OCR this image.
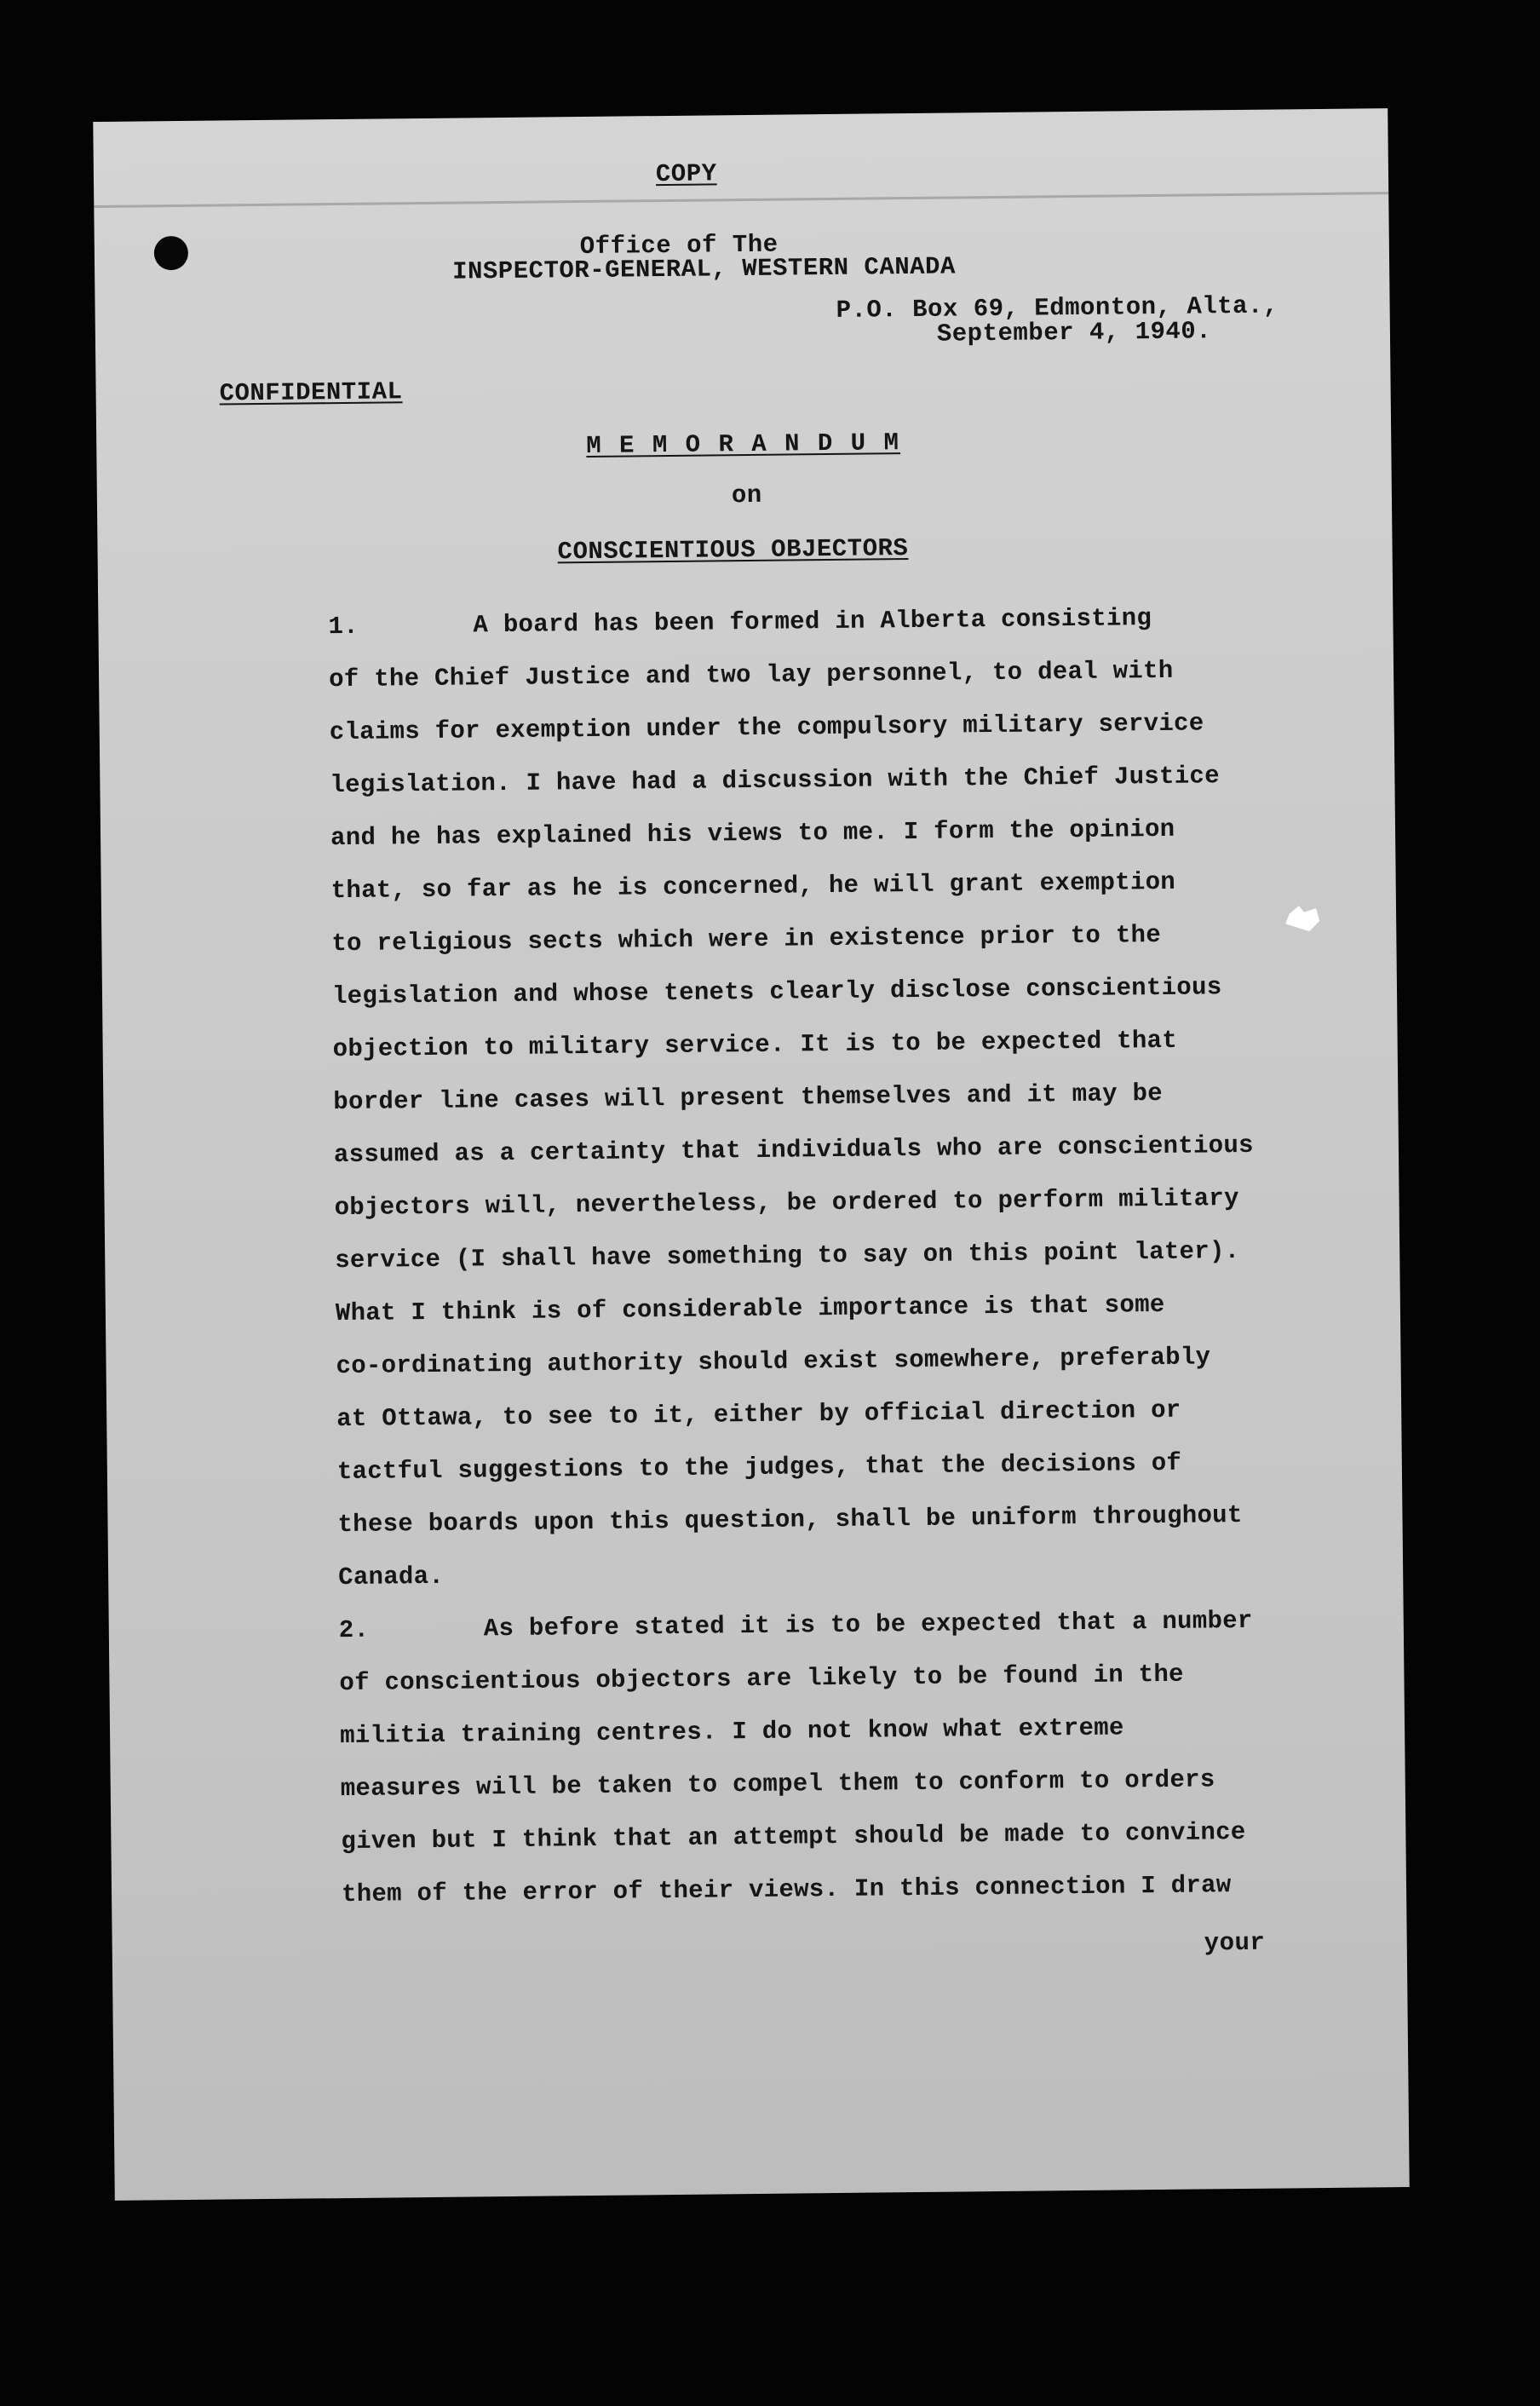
COPY

Office of The

INSPECTOR-GENERAL, WESTERN CANADA

P.O. Box 69, Edmonton, Alta.,

September 4, 1940.

CONFIDENTIAL

M E M O R A N D U M

on

CONSCIENTIOUS OBJECTORS

1.	A board has been formed in Alberta consisting
of the Chief Justice and two lay personnel, to deal with
claims for exemption under the compulsory military service
legislation. I have had a discussion with the Chief Justice
and he has explained his views to me. I form the opinion
that, so far as he is concerned, he will grant exemption
to religious sects which were in existence prior to the
legislation and whose tenets clearly disclose conscientious
objection to military service. It is to be expected that
border line cases will present themselves and it may be
assumed as a certainty that individuals who are conscientious
objectors will, nevertheless, be ordered to perform military
service (I shall have something to say on this point later).
What I think is of considerable importance is that some
co-ordinating authority should exist somewhere, preferably
at Ottawa, to see to it, either by official direction or
tactful suggestions to the judges, that the decisions of
these boards upon this question, shall be uniform throughout
Canada.
2.	As before stated it is to be expected that a number
of conscientious objectors are likely to be found in the
militia training centres. I do not know what extreme
measures will be taken to compel them to conform to orders
given but I think that an attempt should be made to convince
them of the error of their views. In this connection I draw

your
